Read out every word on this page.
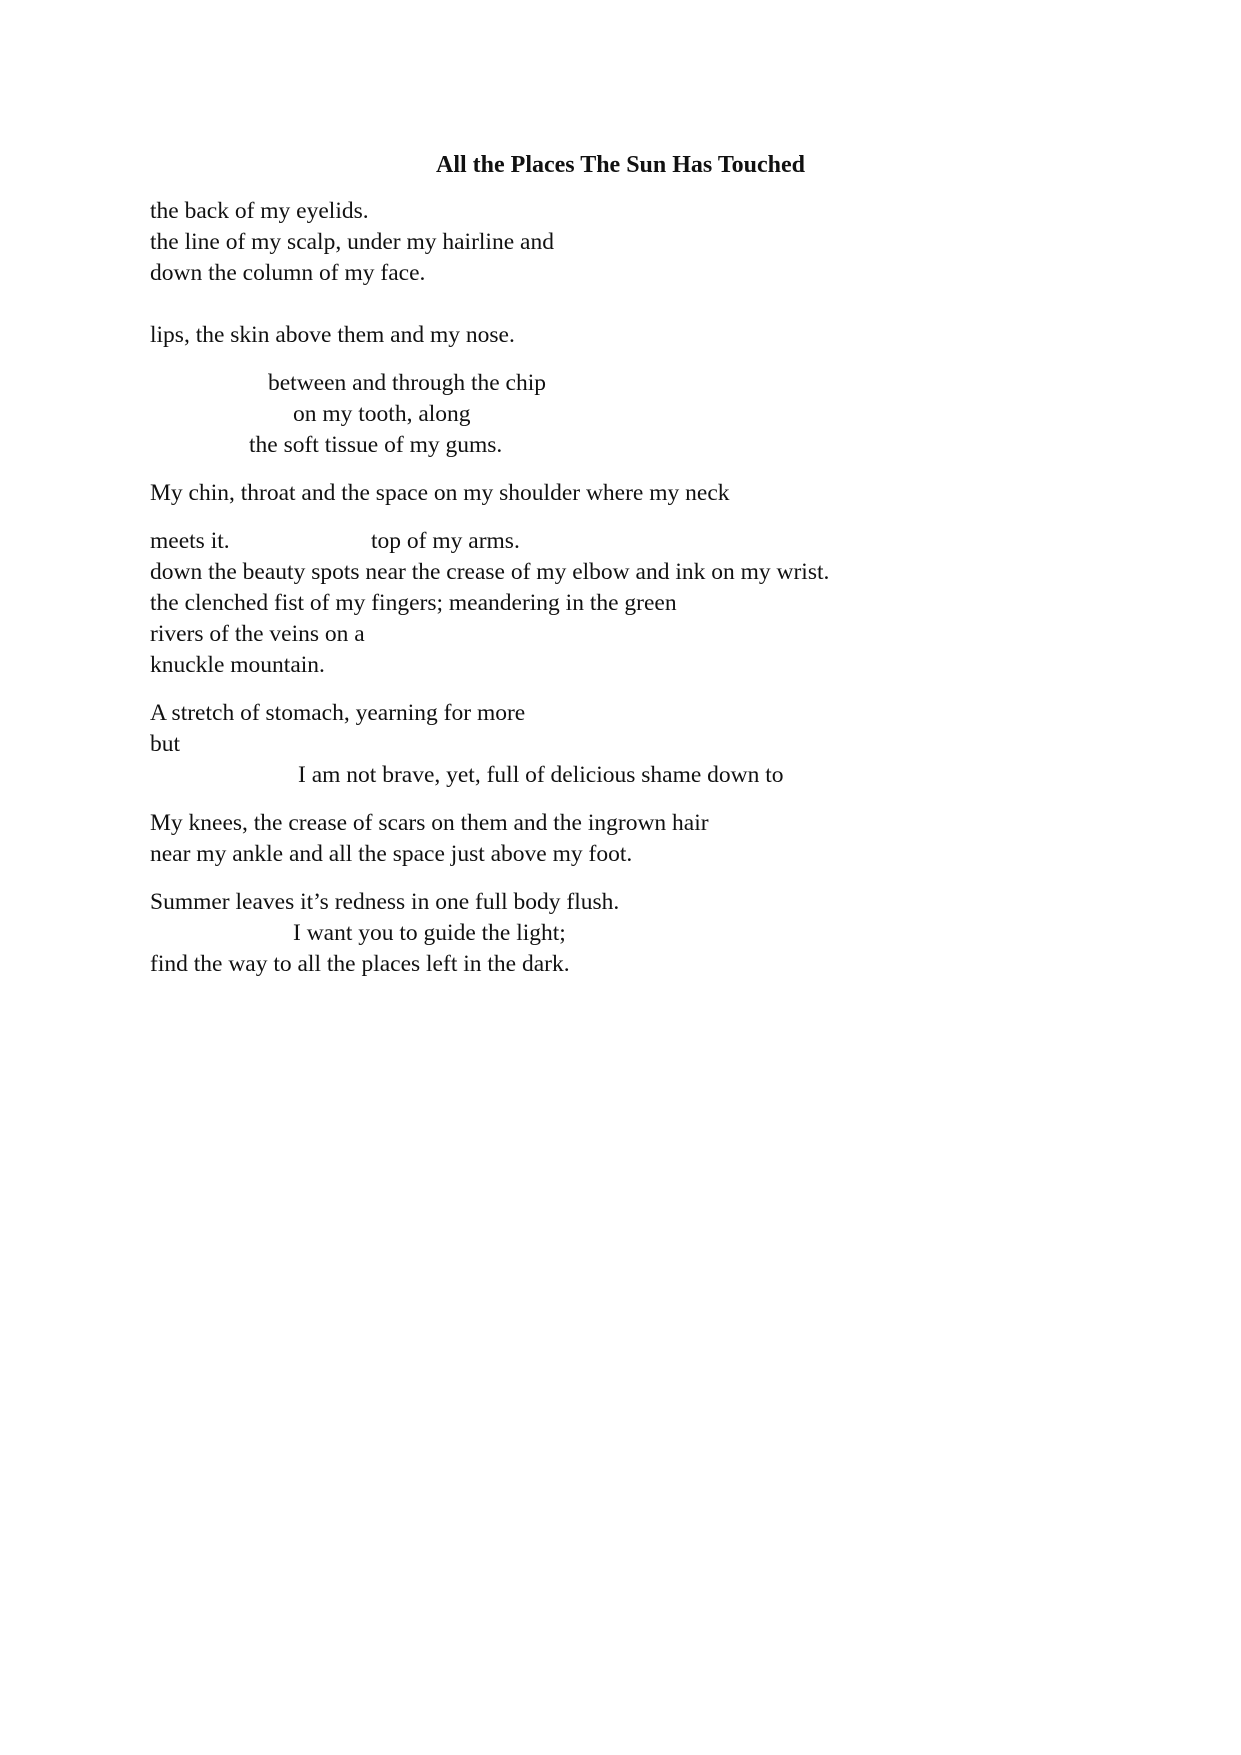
All the Places The Sun Has Touched
the back of my eyelids.
the line of my scalp, under my hairline and
down the column of my face.
lips, the skin above them and my nose.
between and through the chip
on my tooth, along
the soft tissue of my gums.
My chin, throat and the space on my shoulder where my neck
meets it.	top of my arms.
down the beauty spots near the crease of my elbow and ink on my wrist.
the clenched fist of my fingers; meandering in the green
rivers of the veins on a
knuckle mountain.
A stretch of stomach, yearning for more
but
I am not brave, yet, full of delicious shame down to
My knees, the crease of scars on them and the ingrown hair
near my ankle and all the space just above my foot.
Summer leaves it’s redness in one full body flush.
I want you to guide the light;
find the way to all the places left in the dark.
